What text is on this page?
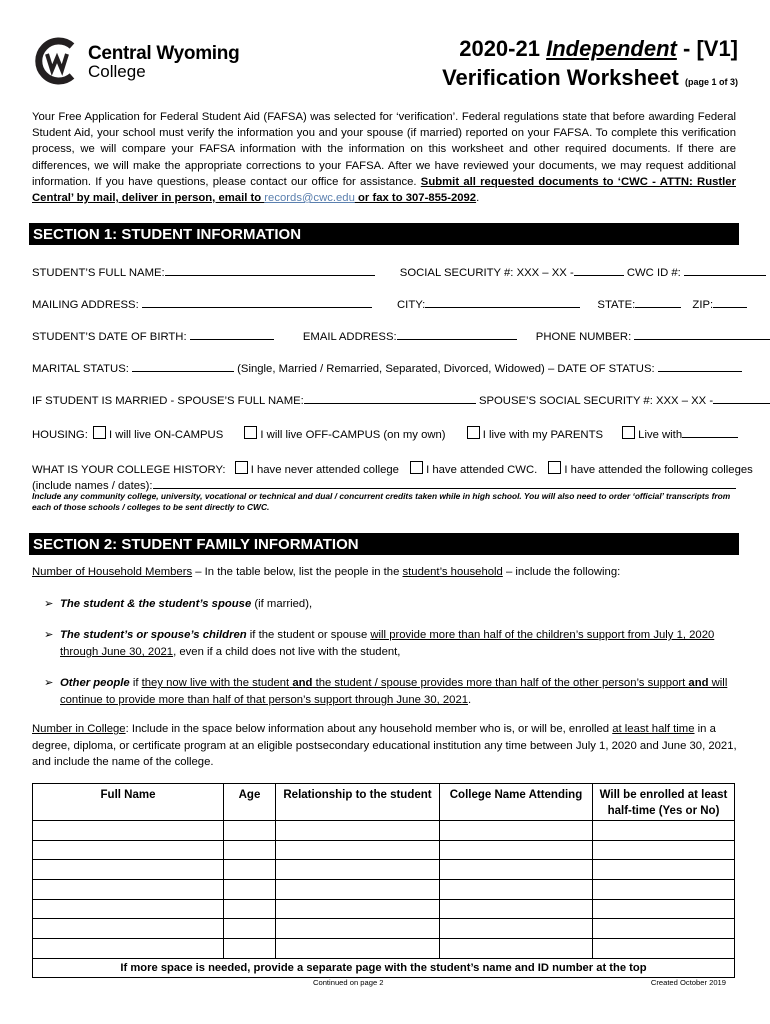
Central Wyoming
College
2020-21 Independent - [V1]
Verification Worksheet (page 1 of 3)
Your Free Application for Federal Student Aid (FAFSA) was selected for ‘verification’. Federal regulations state that before awarding Federal Student Aid, your school must verify the information you and your spouse (if married) reported on your FAFSA. To complete this verification process, we will compare your FAFSA information with the information on this worksheet and other required documents. If there are differences, we will make the appropriate corrections to your FAFSA. After we have reviewed your documents, we may request additional information. If you have questions, please contact our office for assistance. Submit all requested documents to ‘CWC - ATTN: Rustler Central’ by mail, deliver in person, email to records@cwc.edu or fax to 307-855-2092.
SECTION 1: STUDENT INFORMATION
STUDENT’S FULL NAME:	SOCIAL SECURITY #: XXX – XX -	CWC ID #:
MAILING ADDRESS:	CITY:	STATE:	ZIP:
STUDENT’S DATE OF BIRTH:	EMAIL ADDRESS:	PHONE NUMBER:
MARITAL STATUS:	(Single, Married / Remarried, Separated, Divorced, Widowed) – DATE OF STATUS:
IF STUDENT IS MARRIED - SPOUSE’S FULL NAME:	SPOUSE’S SOCIAL SECURITY #: XXX – XX -
HOUSING: I will live ON-CAMPUS	I will live OFF-CAMPUS (on my own)	I live with my PARENTS	Live with
WHAT IS YOUR COLLEGE HISTORY: I have never attended college I have attended CWC. I have attended the following colleges
(include names / dates):
Include any community college, university, vocational or technical and dual / concurrent credits taken while in high school. You will also need to order ‘official’ transcripts from each of those schools / colleges to be sent directly to CWC.
SECTION 2: STUDENT FAMILY INFORMATION
Number of Household Members – In the table below, list the people in the student’s household – include the following:
➢ The student & the student’s spouse (if married),
➢ The student’s or spouse’s children if the student or spouse will provide more than half of the children’s support from July 1, 2020 through June 30, 2021, even if a child does not live with the student,
➢ Other people if they now live with the student and the student / spouse provides more than half of the other person’s support and will continue to provide more than half of that person’s support through June 30, 2021.
Number in College: Include in the space below information about any household member who is, or will be, enrolled at least half time in a degree, diploma, or certificate program at an eligible postsecondary educational institution any time between July 1, 2020 and June 30, 2021, and include the name of the college.
Full Name	Age	Relationship to the student	College Name Attending	Will be enrolled at least half-time (Yes or No)

If more space is needed, provide a separate page with the student’s name and ID number at the top				
Continued on page 2	Created October 2019
